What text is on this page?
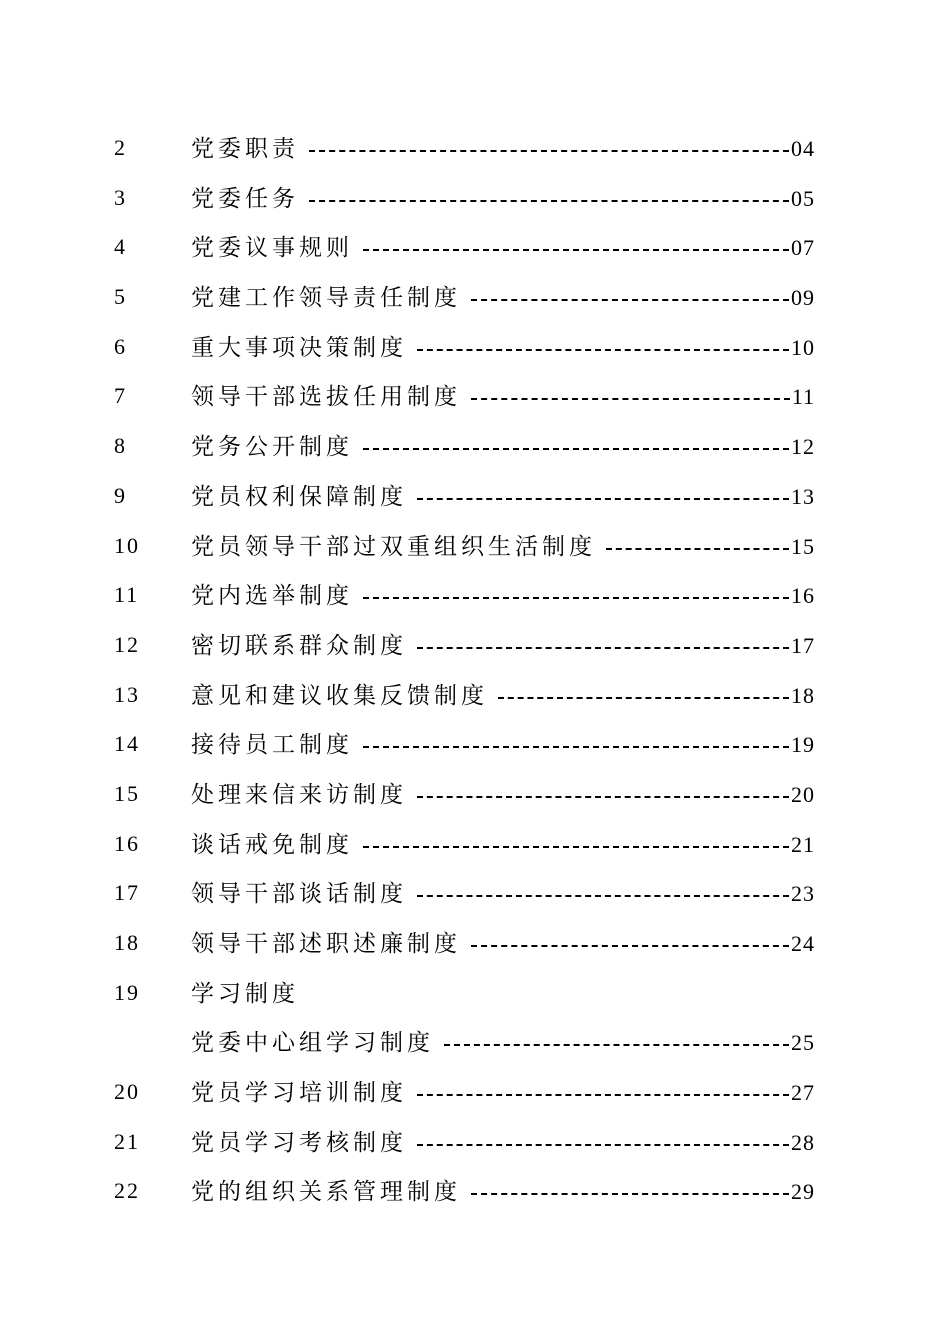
2	党委职责	04
3	党委任务	05
4	党委议事规则	07
5	党建工作领导责任制度	09
6	重大事项决策制度	10
7	领导干部选拔任用制度	11
8	党务公开制度	12
9	党员权利保障制度	13
10 党员领导干部过双重组织生活制度	15
11 党内选举制度	16
12 密切联系群众制度	17
13 意见和建议收集反馈制度	18
14 接待员工制度	19
15 处理来信来访制度	20
16 谈话戒免制度	21
17 领导干部谈话制度	23
18 领导干部述职述廉制度	24
19 学习制度
党委中心组学习制度	25
20 党员学习培训制度	27
21 党员学习考核制度	28
22 党的组织关系管理制度	29
